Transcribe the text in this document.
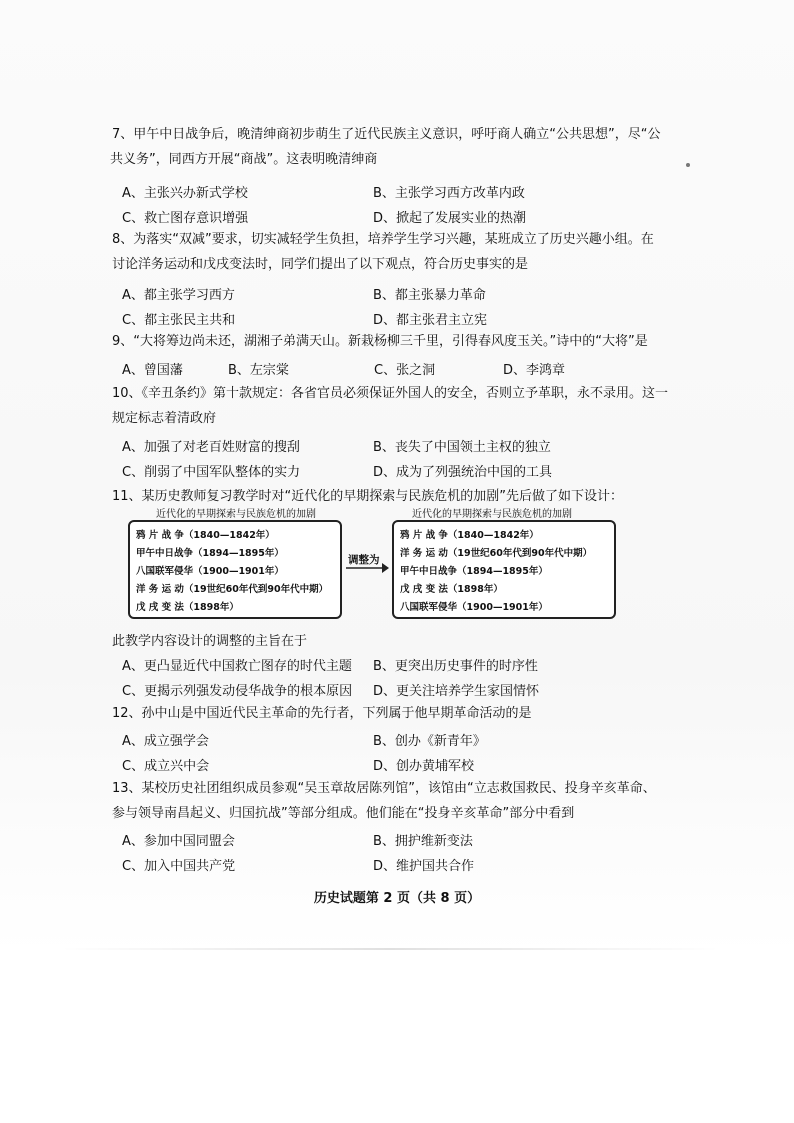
7、甲午中日战争后，晚清绅商初步萌生了近代民族主义意识，呼吁商人确立“公共思想”，尽“公
共义务”，同西方开展“商战”。这表明晚清绅商
A、主张兴办新式学校	B、主张学习西方改革内政
C、救亡图存意识增强	D、掀起了发展实业的热潮
8、为落实“双减”要求，切实减轻学生负担，培养学生学习兴趣，某班成立了历史兴趣小组。在
讨论洋务运动和戊戌变法时，同学们提出了以下观点，符合历史事实的是
A、都主张学习西方	B、都主张暴力革命
C、都主张民主共和	D、都主张君主立宪
9、“大将筹边尚未还，湖湘子弟满天山。新栽杨柳三千里，引得春风度玉关。”诗中的“大将”是
A、曾国藩	B、左宗棠	C、张之洞	D、李鸿章
10、《辛丑条约》第十款规定：各省官员必须保证外国人的安全，否则立予革职，永不录用。这一
规定标志着清政府
A、加强了对老百姓财富的搜刮	B、丧失了中国领土主权的独立
C、削弱了中国军队整体的实力	D、成为了列强统治中国的工具
11、某历史教师复习教学时对“近代化的早期探索与民族危机的加剧”先后做了如下设计：
近代化的早期探索与民族危机的加剧	近代化的早期探索与民族危机的加剧
鸦 片 战 争（1840—1842年）
甲午中日战争（1894—1895年）
八国联军侵华（1900—1901年）
洋 务 运 动（19世纪60年代到90年代中期）
戊 戌 变 法（1898年）
调整为
鸦 片 战 争（1840—1842年）
洋 务 运 动（19世纪60年代到90年代中期）
甲午中日战争（1894—1895年）
戊 戌 变 法（1898年）
八国联军侵华（1900—1901年）
此教学内容设计的调整的主旨在于
A、更凸显近代中国救亡图存的时代主题 B、更突出历史事件的时序性
C、更揭示列强发动侵华战争的根本原因 D、更关注培养学生家国情怀
12、孙中山是中国近代民主革命的先行者，下列属于他早期革命活动的是
A、成立强学会	B、创办《新青年》
C、成立兴中会	D、创办黄埔军校
13、某校历史社团组织成员参观“吴玉章故居陈列馆”，该馆由“立志救国救民、投身辛亥革命、
参与领导南昌起义、归国抗战”等部分组成。他们能在“投身辛亥革命”部分中看到
A、参加中国同盟会	B、拥护维新变法
C、加入中国共产党	D、维护国共合作
历史试题第 2 页（共 8 页）
